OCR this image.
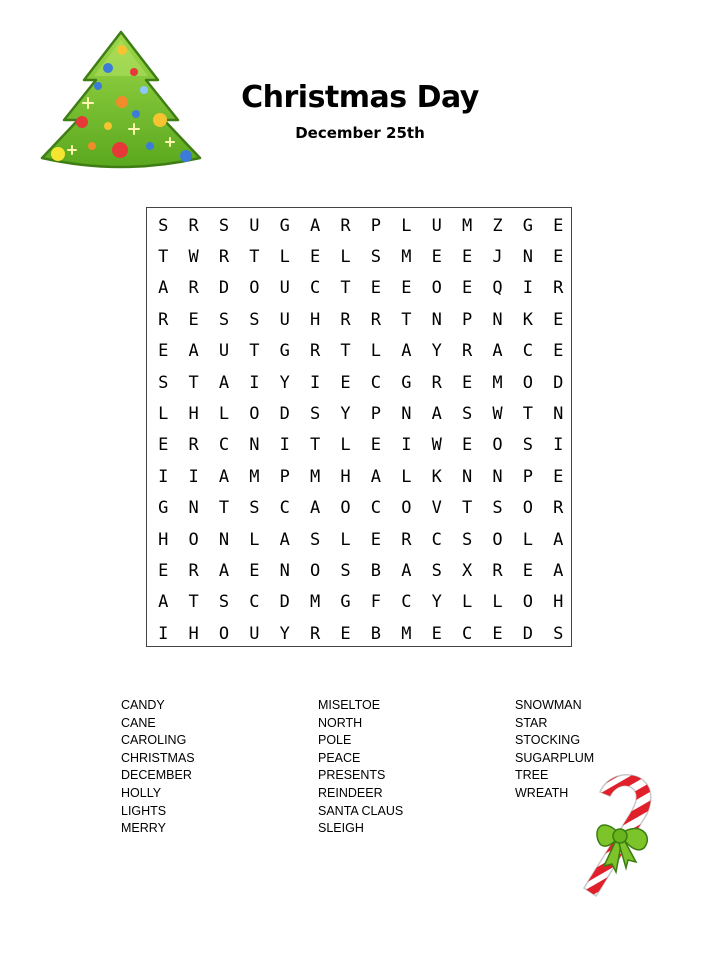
Christmas Day
December 25th
S	R	S	U	G	A	R	P	L	U	M	Z	G	E
T	W	R	T	L	E	L	S	M	E	E	J	N	E
A	R	D	O	U	C	T	E	E	O	E	Q	I	R
R	E	S	S	U	H	R	R	T	N	P	N	K	E
E	A	U	T	G	R	T	L	A	Y	R	A	C	E
S	T	A	I	Y	I	E	C	G	R	E	M	O	D
L	H	L	O	D	S	Y	P	N	A	S	W	T	N
E	R	C	N	I	T	L	E	I	W	E	O	S	I
I	I	A	M	P	M	H	A	L	K	N	N	P	E
G	N	T	S	C	A	O	C	O	V	T	S	O	R
H	O	N	L	A	S	L	E	R	C	S	O	L	A
E	R	A	E	N	O	S	B	A	S	X	R	E	A
A	T	S	C	D	M	G	F	C	Y	L	L	O	H
I	H	O	U	Y	R	E	B	M	E	C	E	D	S
CANDY
CANE
CAROLING
CHRISTMAS
DECEMBER
HOLLY
LIGHTS
MERRY
MISELTOE
NORTH
POLE
PEACE
PRESENTS
REINDEER
SANTA CLAUS
SLEIGH
SNOWMAN
STAR
STOCKING
SUGARPLUM
TREE
WREATH
